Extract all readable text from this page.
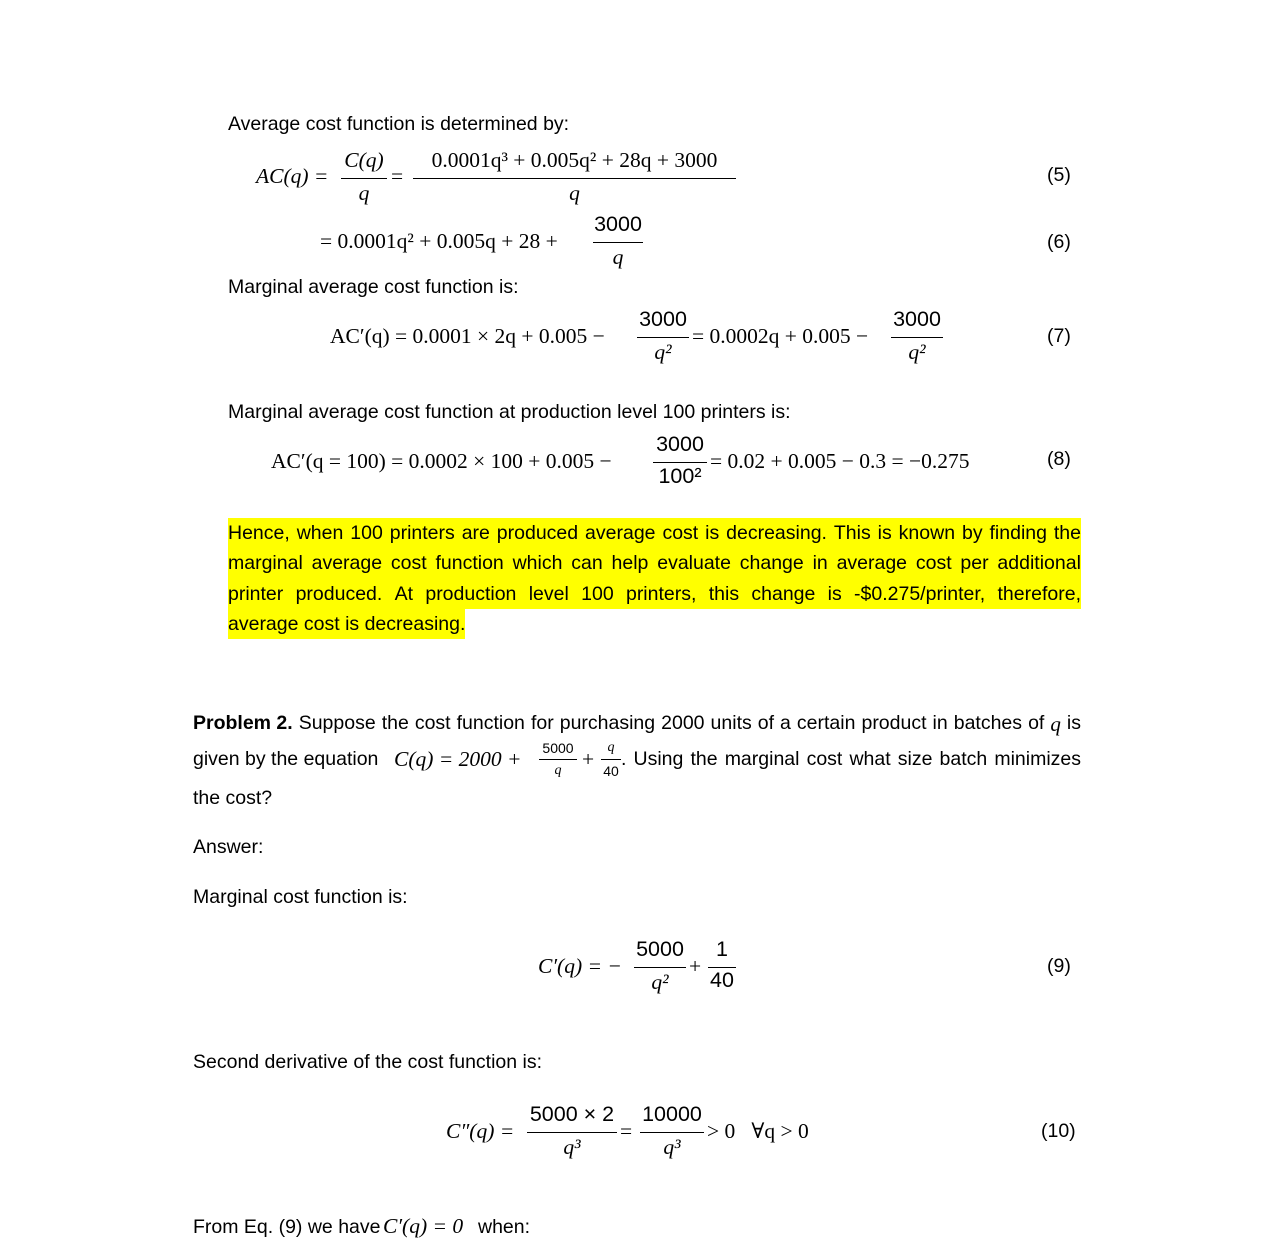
Average cost function is determined by:
AC(q) =
C(q)
q
=
0.0001q³ + 0.005q² + 28q + 3000
q
(5)
= 0.0001q² + 0.005q + 28 +
3000
q
(6)
Marginal average cost function is:
AC′(q) = 0.0001 × 2q + 0.005 −
3000
q²
= 0.0002q + 0.005 −
3000
q²
(7)
Marginal average cost function at production level 100 printers is:
AC′(q = 100) = 0.0002 × 100 + 0.005 −
3000
100²
= 0.02 + 0.005 − 0.3 = −0.275	(8)
Hence, when 100 printers are produced average cost is decreasing. This is known by finding the
marginal average cost function which can help evaluate change in average cost per additional
printer produced. At production level 100 printers, this change is -$0.275/printer, therefore,
average cost is decreasing.
Problem 2. Suppose the cost function for purchasing 2000 units of a certain product in batches of q is
given by the equation C(q) = 2000 + 5000
q + q
40
. Using the marginal cost what size batch minimizes
the cost?
Answer:
Marginal cost function is:
C′(q) = −
5000
q²
+
1
40
(9)
Second derivative of the cost function is:
C″(q) =
5000 × 2
q³
=
10000
q³
> 0   ∀q > 0	(10)
From Eq. (9) we have C′(q) = 0 when:
